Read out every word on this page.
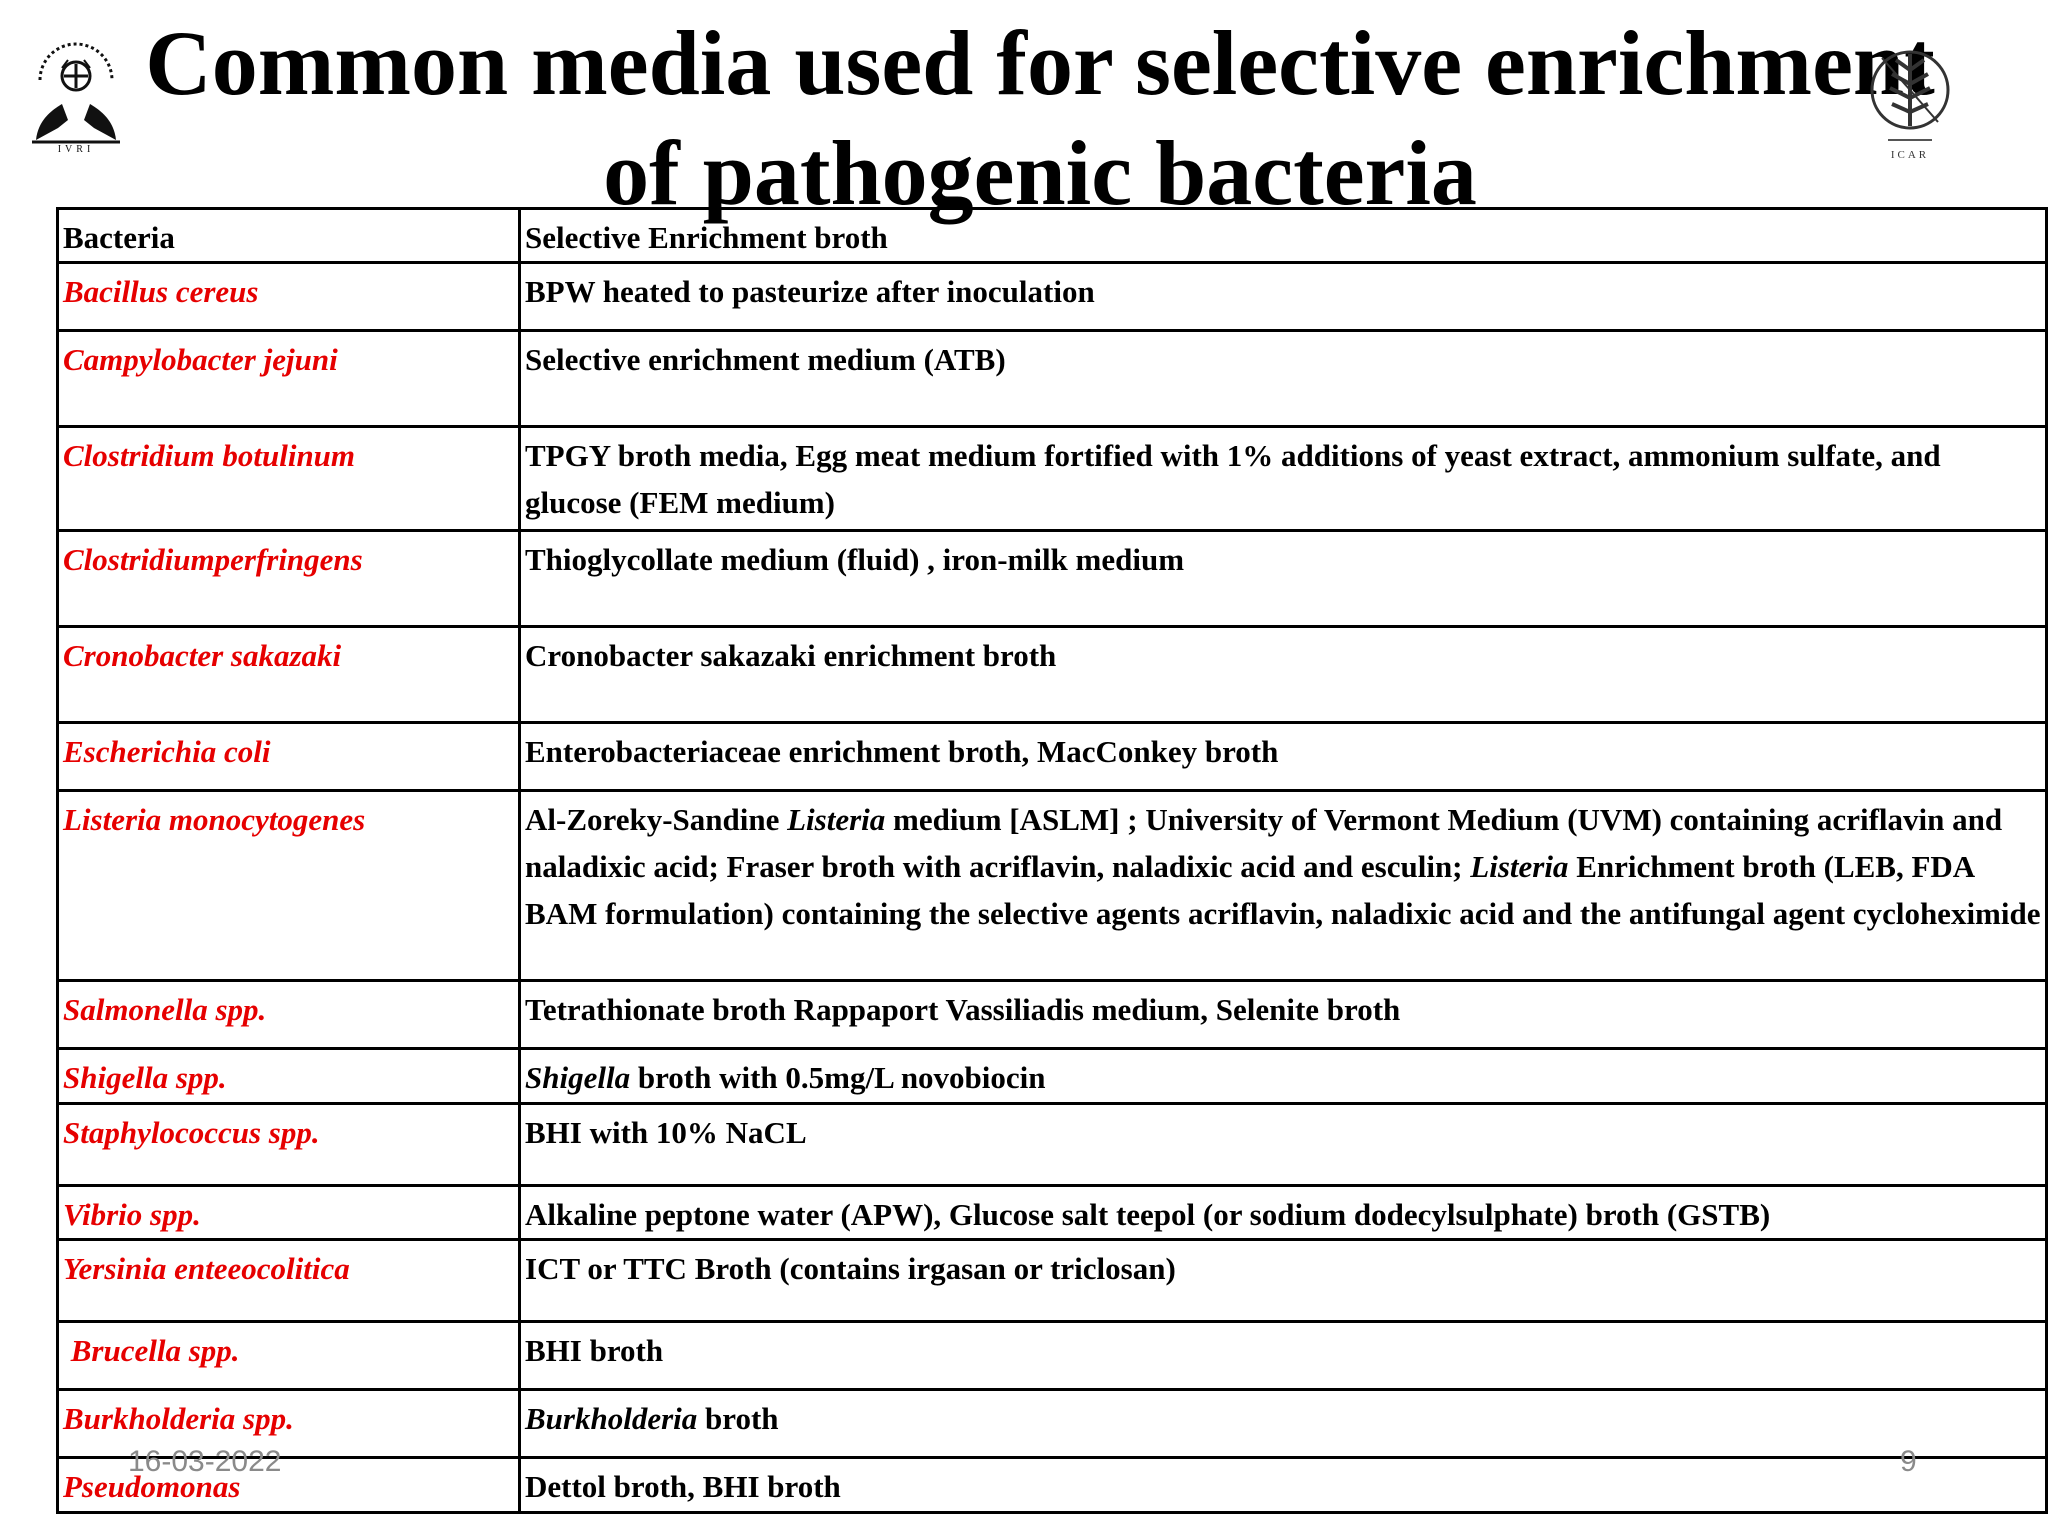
IVRI
Common media used for selective enrichment
of pathogenic bacteria	ICAR
Bacteria	Selective Enrichment broth
Bacillus cereus	BPW heated to pasteurize after inoculation
Campylobacter jejuni	Selective enrichment medium (ATB)
Clostridium botulinum	TPGY broth media, Egg meat medium fortified with 1% additions of yeast extract, ammonium sulfate, and glucose (FEM medium)
Clostridiumperfringens	Thioglycollate medium (fluid) , iron-milk medium
Cronobacter sakazaki	Cronobacter sakazaki enrichment broth
Escherichia coli	Enterobacteriaceae enrichment broth, MacConkey broth
Listeria monocytogenes	Al-Zoreky-Sandine Listeria medium [ASLM] ; University of Vermont Medium (UVM) containing acriflavin and naladixic acid; Fraser broth with acriflavin, naladixic acid and esculin; Listeria Enrichment broth (LEB, FDA BAM formulation) containing the selective agents acriflavin, naladixic acid and the antifungal agent cycloheximide
Salmonella spp.	Tetrathionate broth Rappaport Vassiliadis medium, Selenite broth
Shigella spp.	Shigella broth with 0.5mg/L novobiocin
Staphylococcus spp.	BHI with 10% NaCL
Vibrio spp.	Alkaline peptone water (APW), Glucose salt teepol (or sodium dodecylsulphate) broth (GSTB)
Yersinia enteeocolitica	ICT or TTC Broth (contains irgasan or triclosan)
Brucella spp.	BHI broth
Burkholderia spp.	Burkholderia broth
Pseudomonas	Dettol broth, BHI broth
16-03-2022	9
